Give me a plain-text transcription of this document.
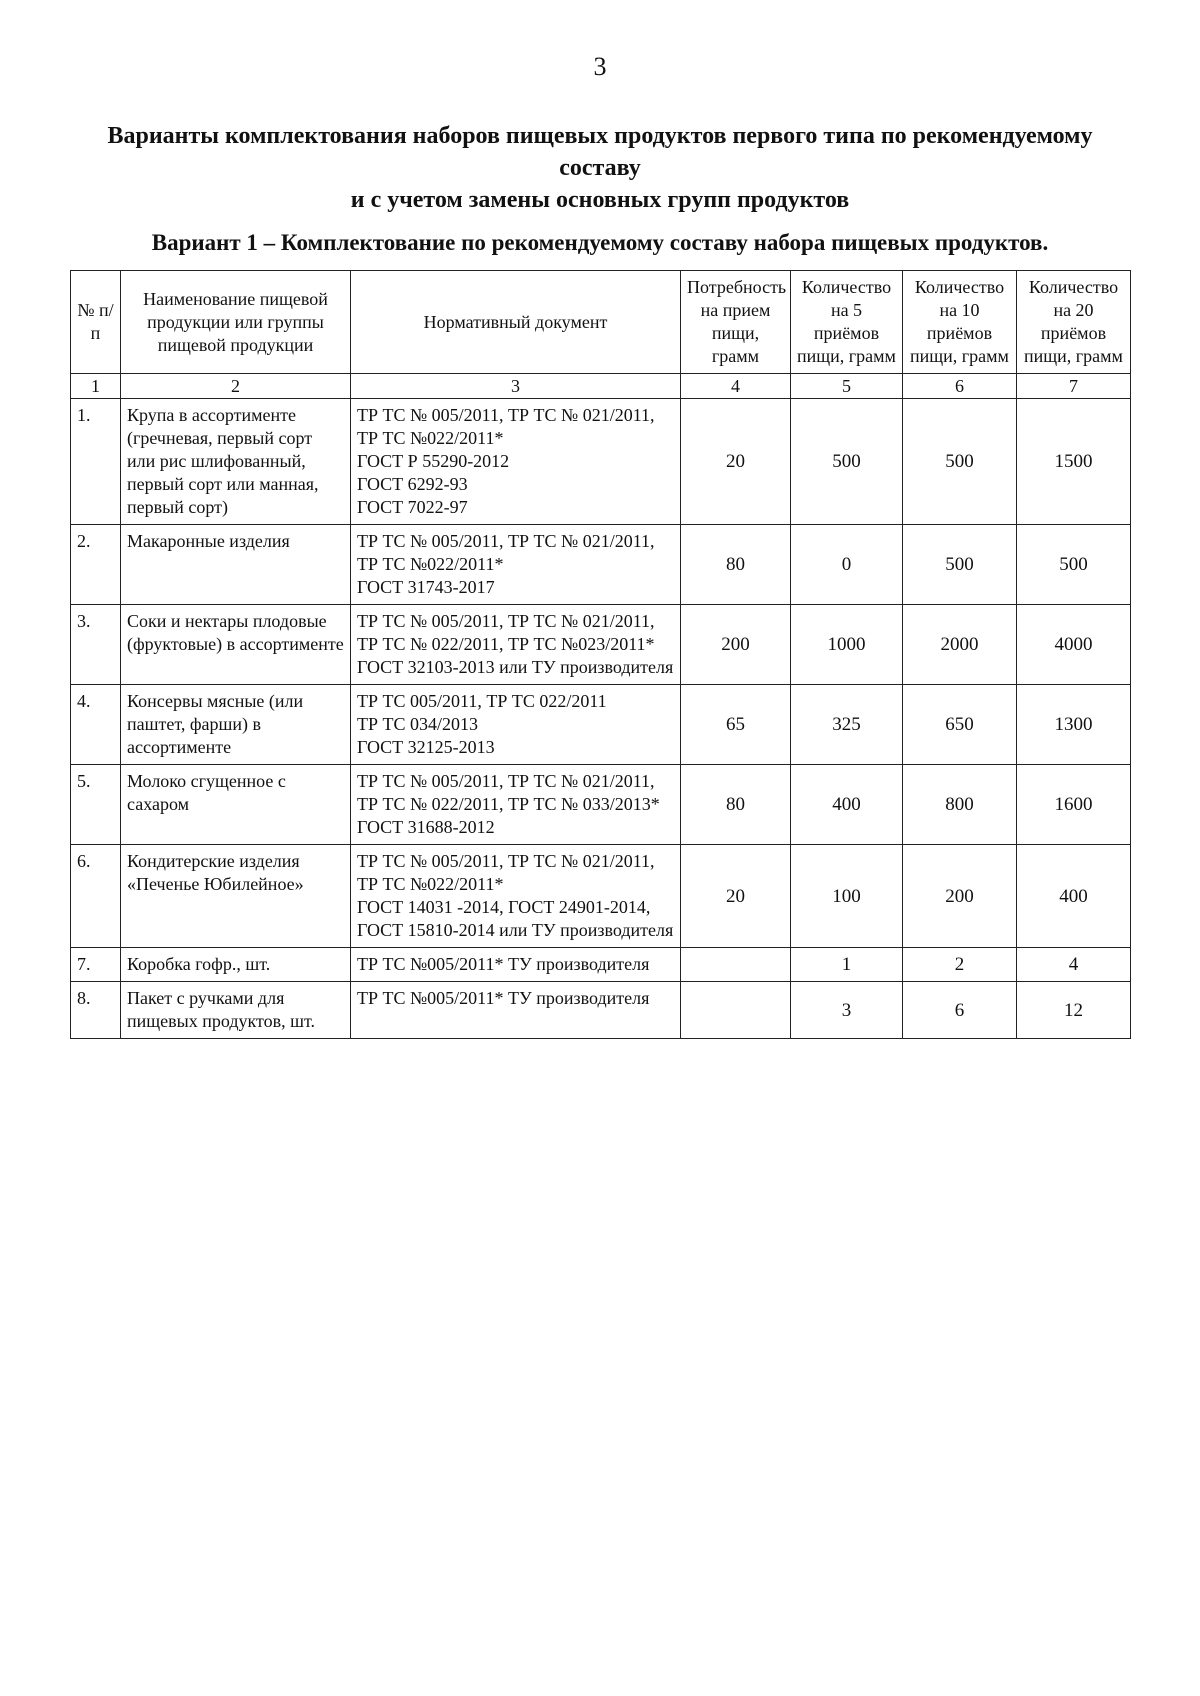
3
Варианты комплектования наборов пищевых продуктов первого типа по рекомендуемому составу
и с учетом замены основных групп продуктов
Вариант 1 – Комплектование по рекомендуемому составу набора пищевых продуктов.
№ п/п	Наименование пищевой продукции или группы пищевой продукции	Нормативный документ	Потребность на прием пищи, грамм	Количество на 5 приёмов пищи, грамм	Количество на 10 приёмов пищи, грамм	Количество на 20 приёмов пищи, грамм
1	2	3	4	5	6	7
1.	Крупа в ассортименте (гречневая, первый сорт или рис шлифованный, первый сорт или манная, первый сорт)	ТР ТС № 005/2011, ТР ТС № 021/2011,
ТР ТС №022/2011*
ГОСТ Р 55290-2012
ГОСТ 6292-93
ГОСТ 7022-97	20	500	500	1500
2.	Макаронные изделия	ТР ТС № 005/2011, ТР ТС № 021/2011,
ТР ТС №022/2011*
ГОСТ 31743-2017	80	0	500	500
3.	Соки и нектары плодовые (фруктовые) в ассортименте	ТР ТС № 005/2011, ТР ТС № 021/2011,
ТР ТС № 022/2011, ТР ТС №023/2011*
ГОСТ 32103-2013 или ТУ производителя	200	1000	2000	4000
4.	Консервы мясные (или паштет, фарши) в ассортименте	ТР ТС 005/2011, ТР ТС 022/2011
ТР ТС 034/2013
ГОСТ 32125-2013	65	325	650	1300
5.	Молоко сгущенное с сахаром	ТР ТС № 005/2011, ТР ТС № 021/2011,
ТР ТС № 022/2011, ТР ТС № 033/2013*
ГОСТ 31688-2012	80	400	800	1600
6.	Кондитерские изделия «Печенье Юбилейное»	ТР ТС № 005/2011, ТР ТС № 021/2011,
ТР ТС №022/2011*
ГОСТ 14031 -2014, ГОСТ 24901-2014,
ГОСТ 15810-2014 или ТУ производителя	20	100	200	400
7.	Коробка гофр., шт.	ТР ТС №005/2011* ТУ производителя		1	2	4
8.	Пакет с ручками для пищевых продуктов, шт.	ТР ТС №005/2011* ТУ производителя		3	6	12
